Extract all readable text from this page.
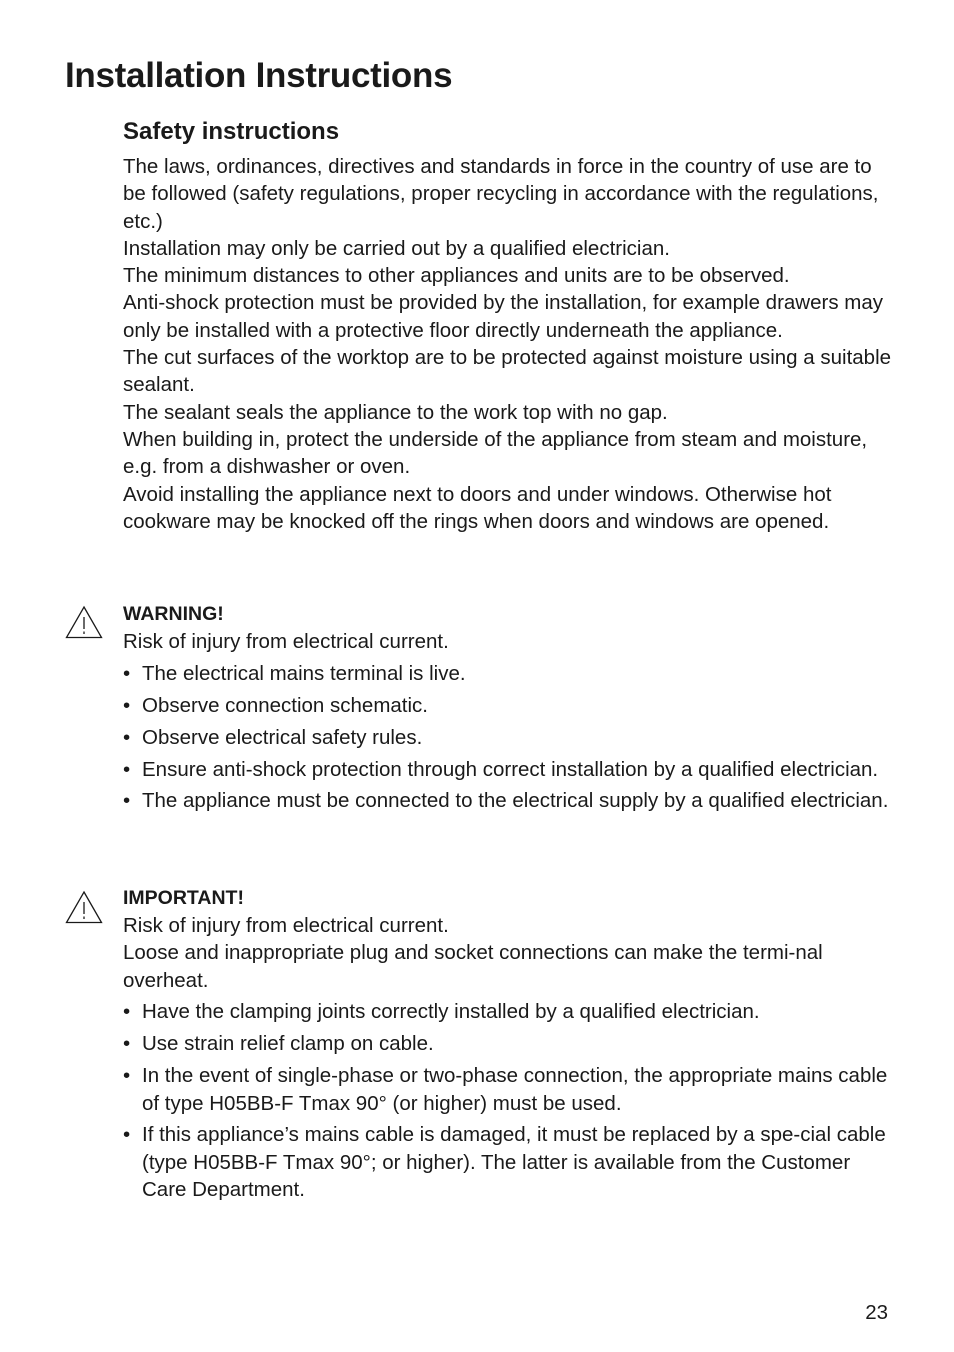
Installation Instructions
Safety instructions

The laws, ordinances, directives and standards in force in the country of use are to be followed (safety regulations, proper recycling in accordance with the regulations, etc.)

Installation may only be carried out by a qualified electrician.

The minimum distances to other appliances and units are to be observed.

Anti-shock protection must be provided by the installation, for example drawers may only be installed with a protective floor directly underneath the appliance.

The cut surfaces of the worktop are to be protected against moisture using a suitable sealant.

The sealant seals the appliance to the work top with no gap.

When building in, protect the underside of the appliance from steam and moisture, e.g. from a dishwasher or oven.

Avoid installing the appliance next to doors and under windows. Otherwise hot cookware may be knocked off the rings when doors and windows are opened.

WARNING!

Risk of injury from electrical current.

• The electrical mains terminal is live.
• Observe connection schematic.
• Observe electrical safety rules.
• Ensure anti-shock protection through correct installation by a qualified electrician.
• The appliance must be connected to the electrical supply by a qualified electrician.

IMPORTANT!

Risk of injury from electrical current.

Loose and inappropriate plug and socket connections can make the termi-nal overheat.

• Have the clamping joints correctly installed by a qualified electrician.
• Use strain relief clamp on cable.
• In the event of single-phase or two-phase connection, the appropriate mains cable of type H05BB-F Tmax 90° (or higher) must be used.
• If this appliance’s mains cable is damaged, it must be replaced by a spe-cial cable (type H05BB-F Tmax 90°; or higher). The latter is available from the Customer Care Department.
23
